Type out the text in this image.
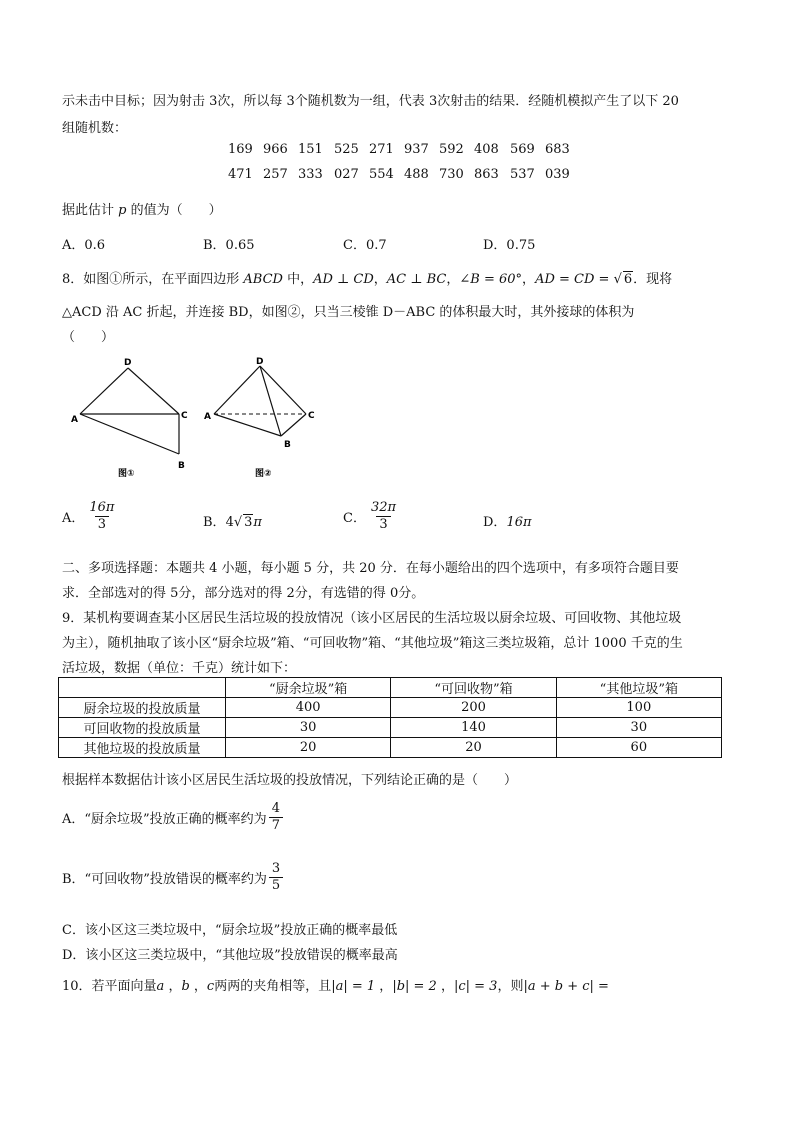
示未击中目标；因为射击 3次，所以每 3个随机数为一组，代表 3次射击的结果．经随机模拟产生了以下 20
组随机数：
169 966 151 525 271 937 592 408 569 683
471 257 333 027 554 488 730 863 537 039
据此估计 p 的值为（　　）
A．0.6	B．0.65	C．0.7	D．0.75
8．如图①所示，在平面四边形 ABCD 中，AD ⊥ CD，AC ⊥ BC，∠B = 60°，AD = CD = √ 6．现将
△ACD 沿 AC 折起，并连接 BD，如图②，只当三棱锥 D－ABC 的体积最大时，其外接球的体积为
（　　）
D
A	C
B
图①
D
A	C
B
图②
A． $\frac{16\pi}{3}$	B．4√ 3π	C． $\frac{32\pi}{3}$	D．16π
二、多项选择题：本题共 4 小题，每小题 5 分，共 20 分．在每小题给出的四个选项中，有多项符合题目要
求．全部选对的得 5分，部分选对的得 2分，有选错的得 0分。
9．某机构要调查某小区居民生活垃圾的投放情况（该小区居民的生活垃圾以厨余垃圾、可回收物、其他垃圾
为主），随机抽取了该小区“厨余垃圾”箱、“可回收物”箱、“其他垃圾”箱这三类垃圾箱，总计 1000 千克的生
活垃圾，数据（单位：千克）统计如下：
	“厨余垃圾”箱	“可回收物”箱	“其他垃圾”箱
厨余垃圾的投放质量	400	200	100
可回收物的投放质量	30	140	30
其他垃圾的投放质量	20	20	60
根据样本数据估计该小区居民生活垃圾的投放情况，下列结论正确的是（　　）
A．“厨余垃圾”投放正确的概率约为 $\frac{4}{7}$
B．“可回收物”投放错误的概率约为 $\frac{3}{5}$
C．该小区这三类垃圾中，“厨余垃圾”投放正确的概率最低
D．该小区这三类垃圾中，“其他垃圾”投放错误的概率最高
10．若平面向量a ，b ，c两两的夹角相等，且|a| = 1 ，|b| = 2 ，|c| = 3，则|a + b + c| =
